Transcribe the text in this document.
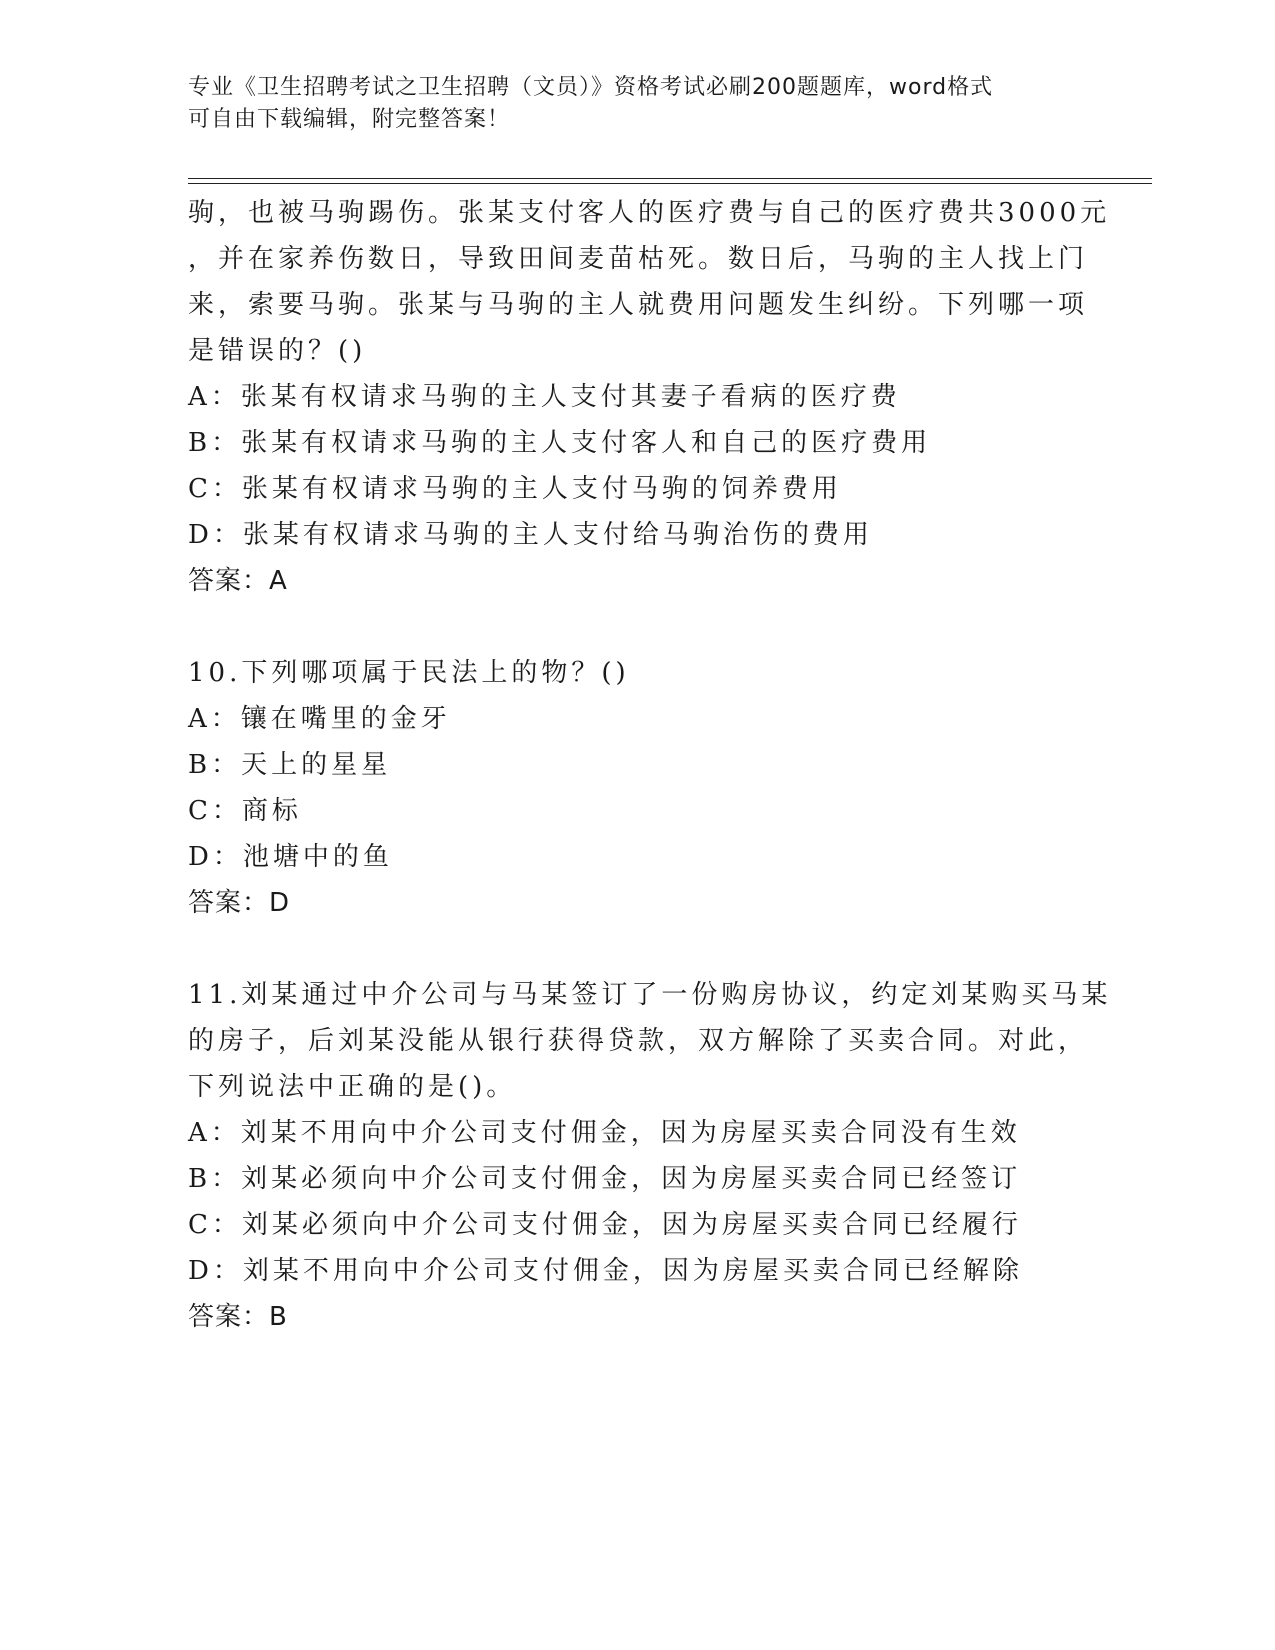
专业《卫生招聘考试之卫生招聘（文员）》资格考试必刷200题题库，word格式
可自由下载编辑，附完整答案！
驹，也被马驹踢伤。张某支付客人的医疗费与自己的医疗费共3000元
，并在家养伤数日，导致田间麦苗枯死。数日后，马驹的主人找上门
来，索要马驹。张某与马驹的主人就费用问题发生纠纷。下列哪一项
是错误的？()
A：张某有权请求马驹的主人支付其妻子看病的医疗费
B：张某有权请求马驹的主人支付客人和自己的医疗费用
C：张某有权请求马驹的主人支付马驹的饲养费用
D：张某有权请求马驹的主人支付给马驹治伤的费用
答案：A
10.下列哪项属于民法上的物？()
A：镶在嘴里的金牙
B：天上的星星
C：商标
D：池塘中的鱼
答案：D
11.刘某通过中介公司与马某签订了一份购房协议，约定刘某购买马某
的房子，后刘某没能从银行获得贷款，双方解除了买卖合同。对此，
下列说法中正确的是()。
A：刘某不用向中介公司支付佣金，因为房屋买卖合同没有生效
B：刘某必须向中介公司支付佣金，因为房屋买卖合同已经签订
C：刘某必须向中介公司支付佣金，因为房屋买卖合同已经履行
D：刘某不用向中介公司支付佣金，因为房屋买卖合同已经解除
答案：B
